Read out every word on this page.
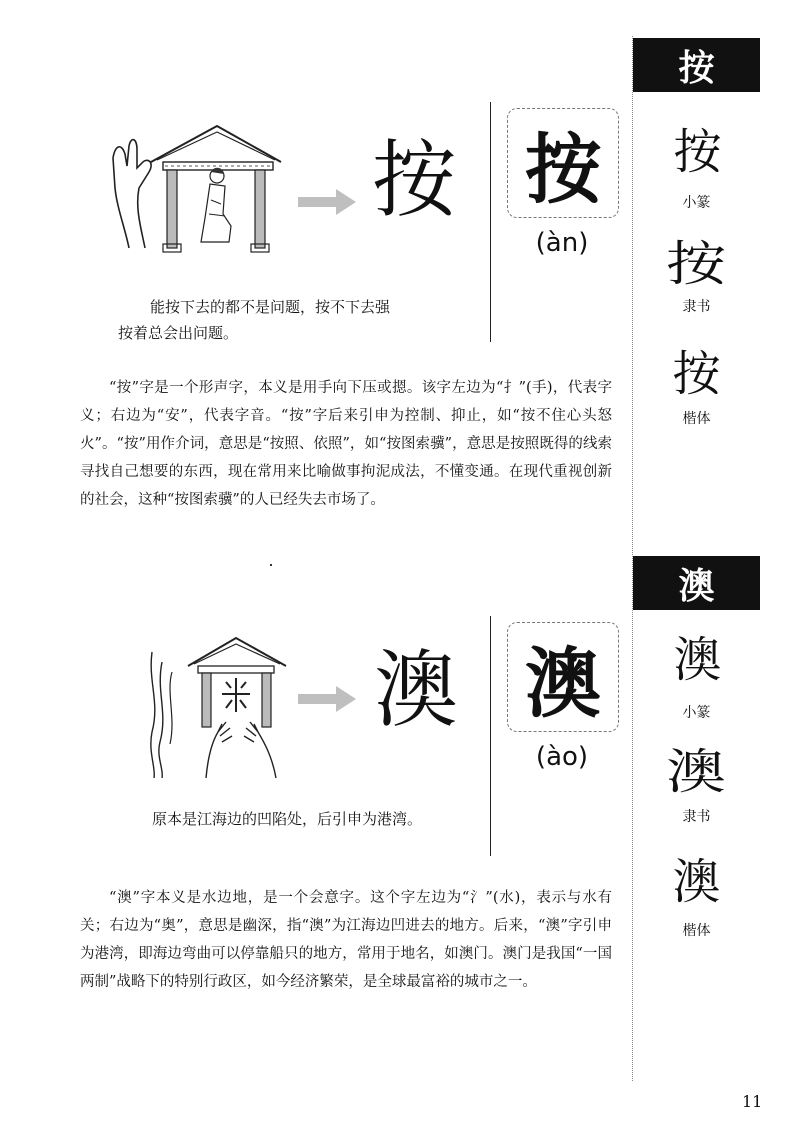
按
按
小篆
按
隶书
按
楷体
澳
澳
小篆
澳
隶书
澳
楷体
按 按
(àn)
能按下去的都不是问题，按不下去强
按着总会出问题。
“按”字是一个形声字，本义是用手向下压或摁。该字左边为“扌”(手)，代表字义；右边为“安”，代表字音。“按”字后来引申为控制、抑止，如“按不住心头怒火”。“按”用作介词，意思是“按照、依照”，如“按图索骥”，意思是按照既得的线索寻找自己想要的东西，现在常用来比喻做事拘泥成法，不懂变通。在现代重视创新的社会，这种“按图索骥”的人已经失去市场了。
澳 澳
(ào)
原本是江海边的凹陷处，后引申为港湾。
“澳”字本义是水边地，是一个会意字。这个字左边为“氵”(水)，表示与水有关；右边为“奥”，意思是幽深，指“澳”为江海边凹进去的地方。后来，“澳”字引申为港湾，即海边弯曲可以停靠船只的地方，常用于地名，如澳门。澳门是我国“一国两制”战略下的特别行政区，如今经济繁荣，是全球最富裕的城市之一。
11
